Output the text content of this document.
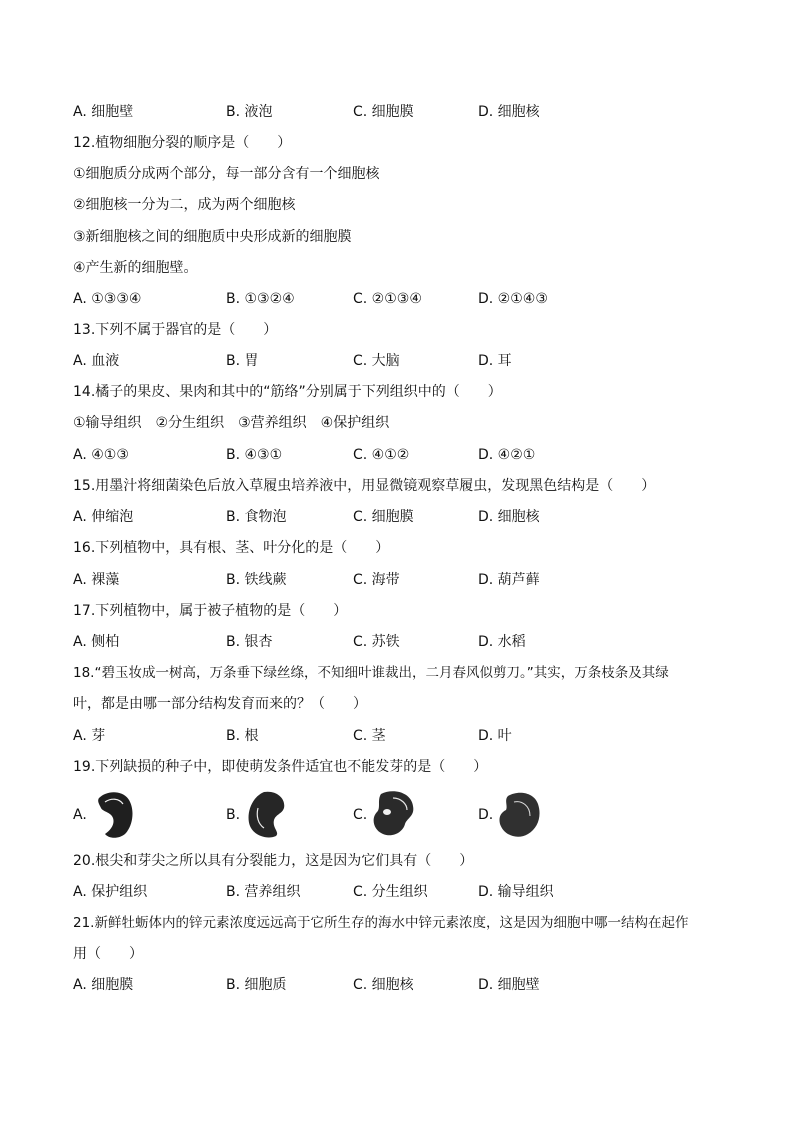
A. 细胞壁	B. 液泡	C. 细胞膜	D. 细胞核
12.植物细胞分裂的顺序是（　　）
①细胞质分成两个部分，每一部分含有一个细胞核
②细胞核一分为二，成为两个细胞核
③新细胞核之间的细胞质中央形成新的细胞膜
④产生新的细胞壁。
A. ①③③④	B. ①③②④	C. ②①③④	D. ②①④③
13.下列不属于器官的是（　　）
A. 血液	B. 胃	C. 大脑	D. 耳
14.橘子的果皮、果肉和其中的“筋络”分别属于下列组织中的（　　）
①输导组织　②分生组织　③营养组织　④保护组织
A. ④①③	B. ④③①	C. ④①②	D. ④②①
15.用墨汁将细菌染色后放入草履虫培养液中，用显微镜观察草履虫，发现黑色结构是（　　）
A. 伸缩泡	B. 食物泡	C. 细胞膜	D. 细胞核
16.下列植物中，具有根、茎、叶分化的是（　　）
A. 裸藻	B. 铁线蕨	C. 海带	D. 葫芦藓
17.下列植物中，属于被子植物的是（　　）
A. 侧柏	B. 银杏	C. 苏铁	D. 水稻
18.“碧玉妆成一树高，万条垂下绿丝绦，不知细叶谁裁出，二月春风似剪刀。”其实，万条枝条及其绿
叶，都是由哪一部分结构发育而来的？（　　）
A. 芽	B. 根	C. 茎	D. 叶
19.下列缺损的种子中，即使萌发条件适宜也不能发芽的是（　　）
A.	B.	C.	D.
20.根尖和芽尖之所以具有分裂能力，这是因为它们具有（　　）
A. 保护组织	B. 营养组织	C. 分生组织	D. 输导组织
21.新鲜牡蛎体内的锌元素浓度远远高于它所生存的海水中锌元素浓度，这是因为细胞中哪一结构在起作
用（　　）
A. 细胞膜	B. 细胞质	C. 细胞核	D. 细胞壁
